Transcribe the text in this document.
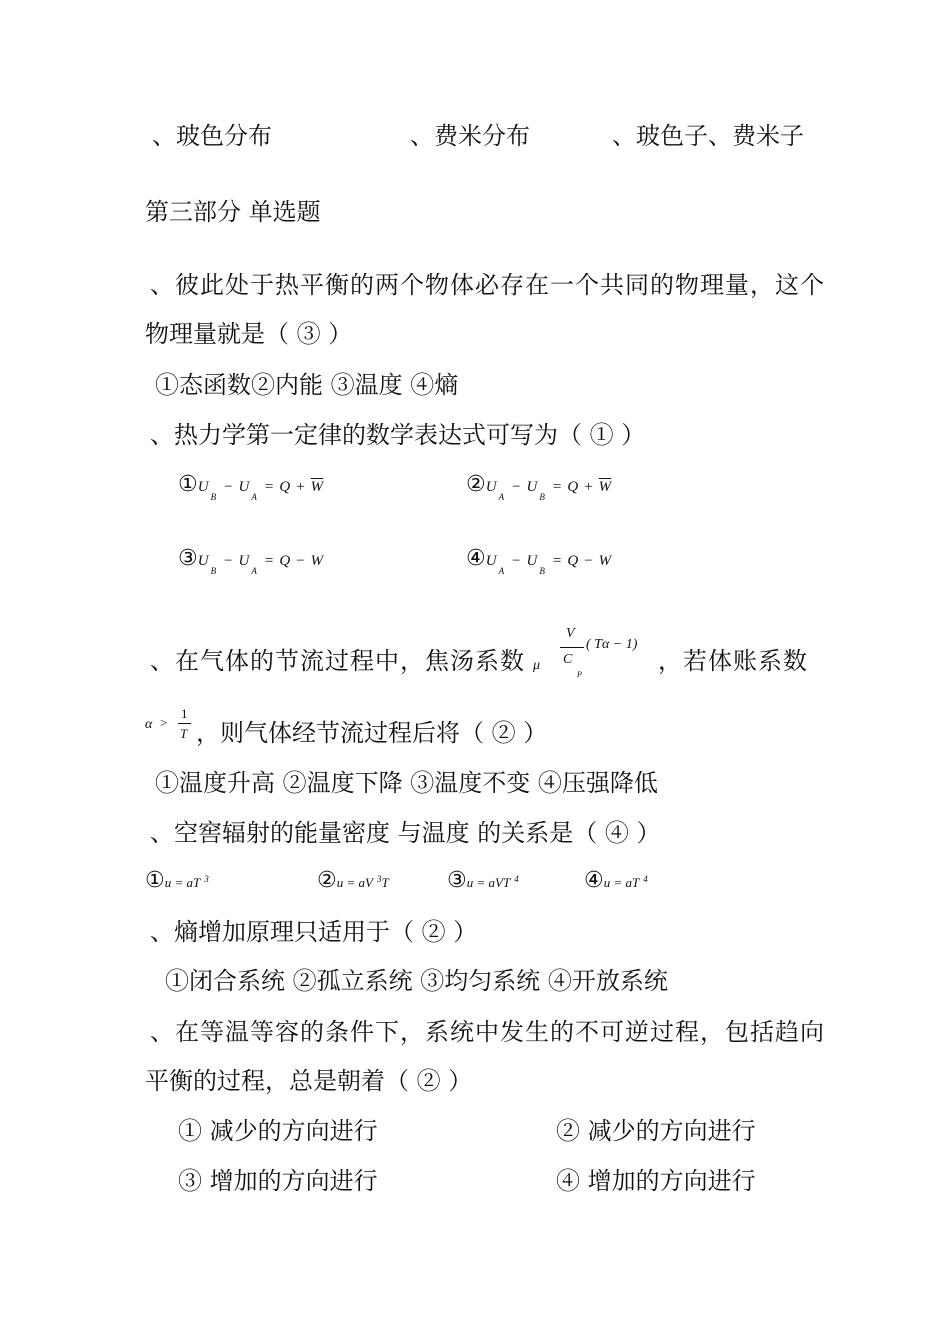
、玻色分布	、费米分布	、玻色子、费米子
第三部分 单选题
、彼此处于热平衡的两个物体必存在一个共同的物理量，这个
物理量就是（ ③ ）
①态函数②内能 ③温度 ④熵
、热力学第一定律的数学表达式可写为（ ① ）
$①U_B- U_A= Q + \overline{W}$	$②U_A- U_B= Q + \overline{W}$
$③U_B- U_A= Q - W$	$④U_A- U_B= Q - W$
、在气体的节流过程中，焦汤系数 μ
V
C
P
( Tα − 1)
，若体账系数
α >
1
T ，则气体经节流过程后将（ ② ）
①温度升高 ②温度下降 ③温度不变 ④压强降低
、空窖辐射的能量密度 与温度 的关系是（ ④ ）
①u = aT $^3$	②u = aV $^3$T	③u = aVT $^4$	④u = aT $^4$
、熵增加原理只适用于（ ② ）
①闭合系统 ②孤立系统 ③均匀系统 ④开放系统
、在等温等容的条件下，系统中发生的不可逆过程，包括趋向
平衡的过程，总是朝着（ ② ）
① 减少的方向进行	② 减少的方向进行
③ 增加的方向进行	④ 增加的方向进行
